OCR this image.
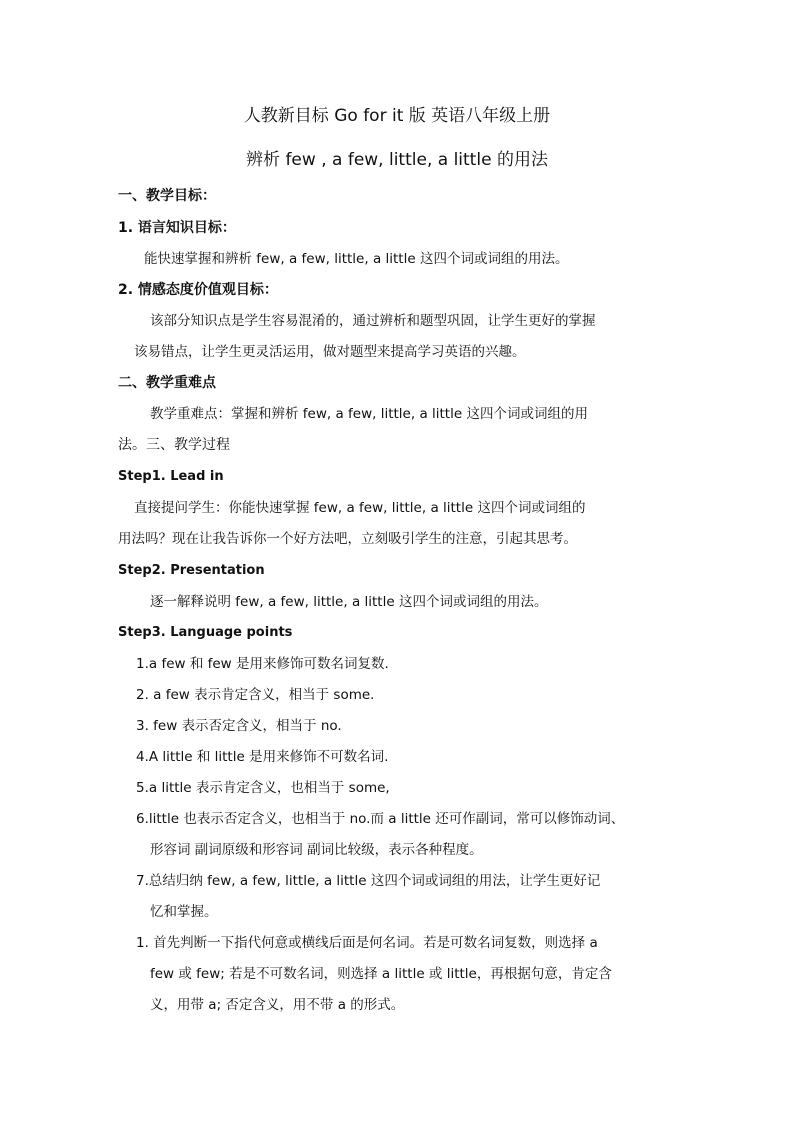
人教新目标 Go for it 版 英语八年级上册
辨析 few , a few, little, a little 的用法
一、教学目标：
1. 语言知识目标：
能快速掌握和辨析 few, a few, little, a little 这四个词或词组的用法。
2. 情感态度价值观目标：
该部分知识点是学生容易混淆的，通过辨析和题型巩固，让学生更好的掌握
该易错点，让学生更灵活运用，做对题型来提高学习英语的兴趣。
二、教学重难点
教学重难点：掌握和辨析 few, a few, little, a little 这四个词或词组的用
法。三、教学过程
Step1. Lead in
直接提问学生：你能快速掌握 few, a few, little, a little 这四个词或词组的
用法吗？现在让我告诉你一个好方法吧，立刻吸引学生的注意，引起其思考。
Step2. Presentation
逐一解释说明 few, a few, little, a little 这四个词或词组的用法。
Step3. Language points
1.a few 和 few 是用来修饰可数名词复数.
2. a few 表示肯定含义，相当于 some.
3. few 表示否定含义，相当于 no.
4.A little 和 little 是用来修饰不可数名词.
5.a little 表示肯定含义，也相当于 some,
6.little 也表示否定含义，也相当于 no.而 a little 还可作副词，常可以修饰动词、
形容词 副词原级和形容词 副词比较级，表示各种程度。
7.总结归纳 few, a few, little, a little 这四个词或词组的用法，让学生更好记
忆和掌握。
1. 首先判断一下指代何意或横线后面是何名词。若是可数名词复数，则选择 a
few 或 few; 若是不可数名词，则选择 a little 或 little，再根据句意，肯定含
义，用带 a; 否定含义，用不带 a 的形式。
